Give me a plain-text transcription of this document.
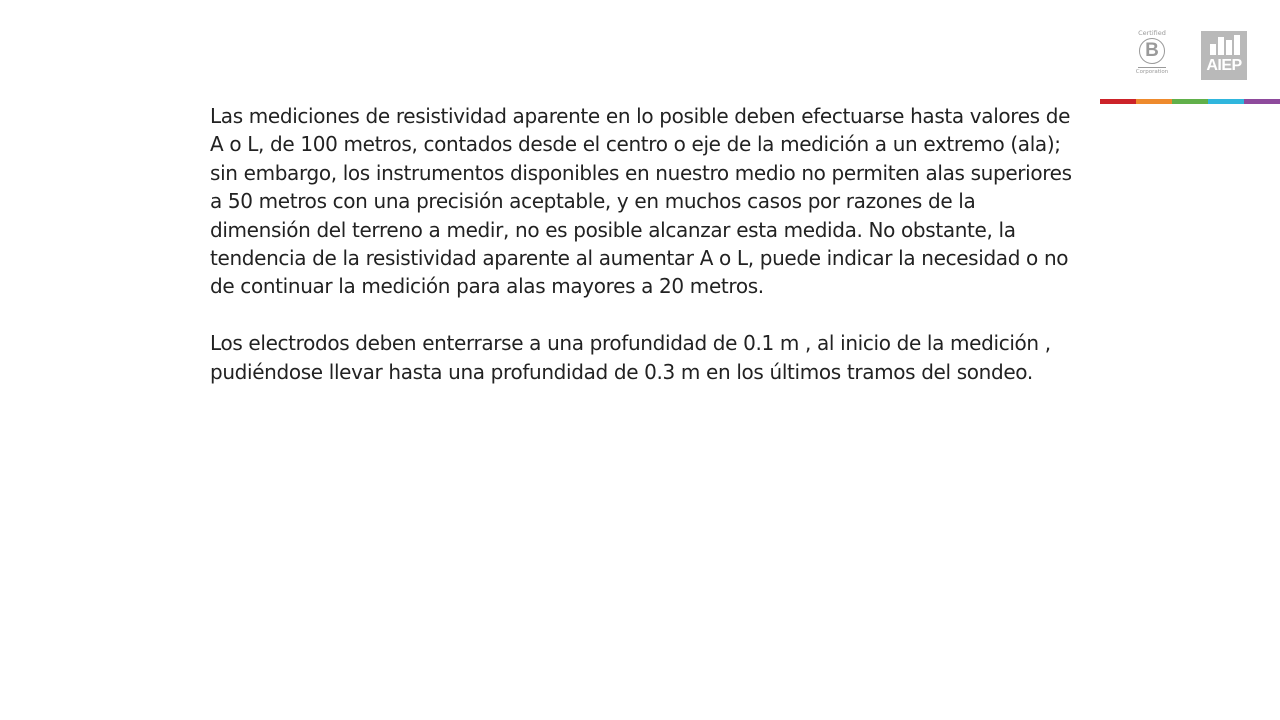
Las mediciones de resistividad aparente en lo posible deben efectuarse hasta valores de A o L, de 100 metros, contados desde el centro o eje de la medición a un extremo (ala); sin embargo, los instrumentos disponibles en nuestro medio no permiten alas superiores a 50 metros con una precisión aceptable, y en muchos casos por razones de la dimensión del terreno a medir, no es posible alcanzar esta medida. No obstante, la tendencia de la resistividad aparente al aumentar A o L, puede indicar la necesidad o no de continuar la medición para alas mayores a 20 metros.

Los electrodos deben enterrarse a una profundidad de 0.1 m , al inicio de la medición , pudiéndose llevar hasta una profundidad de 0.3 m en los últimos tramos del sondeo.

Certified
B
Corporation	AIEP
